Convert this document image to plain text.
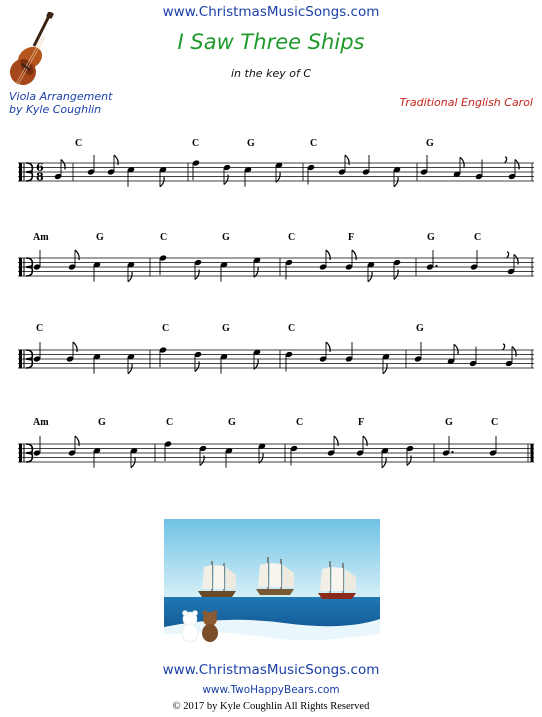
www.ChristmasMusicSongs.com
I Saw Three Ships
in the key of C
Viola Arrangement
by Kyle Coughlin
Traditional English Carol
C	C	G	C	G
Am	G	C	G	C	F	G	C
C	C	G	C	G
Am	G	C	G	C	F	G	C
6
8
www.ChristmasMusicSongs.com
www.TwoHappyBears.com
© 2017 by Kyle Coughlin All Rights Reserved
